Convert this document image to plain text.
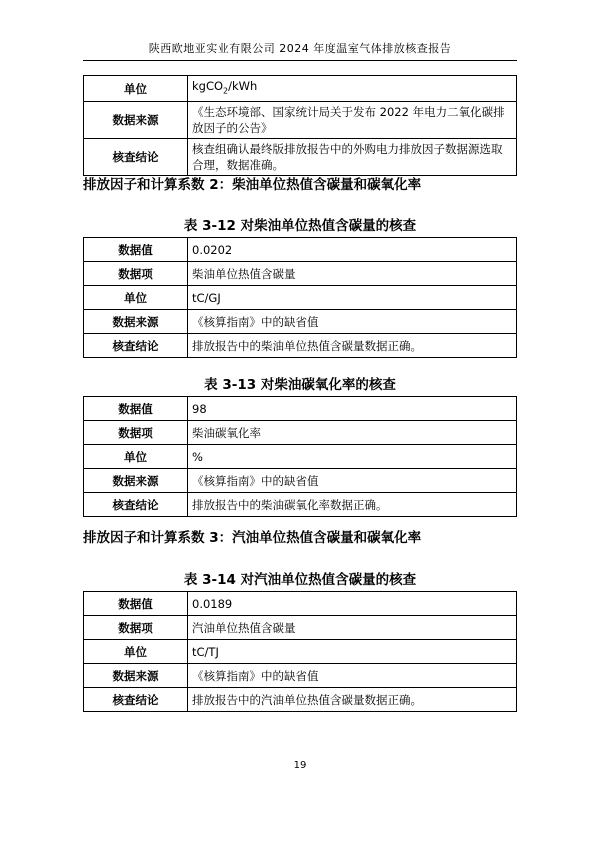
陕西欧地亚实业有限公司 2024 年度温室气体排放核查报告
单位	kgCO$_2$/kWh
数据来源	《生态环境部、国家统计局关于发布 2022 年电力二氧化碳排放因子的公告》
核查结论	核查组确认最终版排放报告中的外购电力排放因子数据源选取合理，数据准确。
排放因子和计算系数 2：柴油单位热值含碳量和碳氧化率
表 3-12 对柴油单位热值含碳量的核查
数据值	0.0202
数据项	柴油单位热值含碳量
单位	tC/GJ
数据来源	《核算指南》中的缺省值
核查结论	排放报告中的柴油单位热值含碳量数据正确。
表 3-13 对柴油碳氧化率的核查
数据值	98
数据项	柴油碳氧化率
单位	%
数据来源	《核算指南》中的缺省值
核查结论	排放报告中的柴油碳氧化率数据正确。
排放因子和计算系数 3：汽油单位热值含碳量和碳氧化率
表 3-14 对汽油单位热值含碳量的核查
数据值	0.0189
数据项	汽油单位热值含碳量
单位	tC/TJ
数据来源	《核算指南》中的缺省值
核查结论	排放报告中的汽油单位热值含碳量数据正确。
19
